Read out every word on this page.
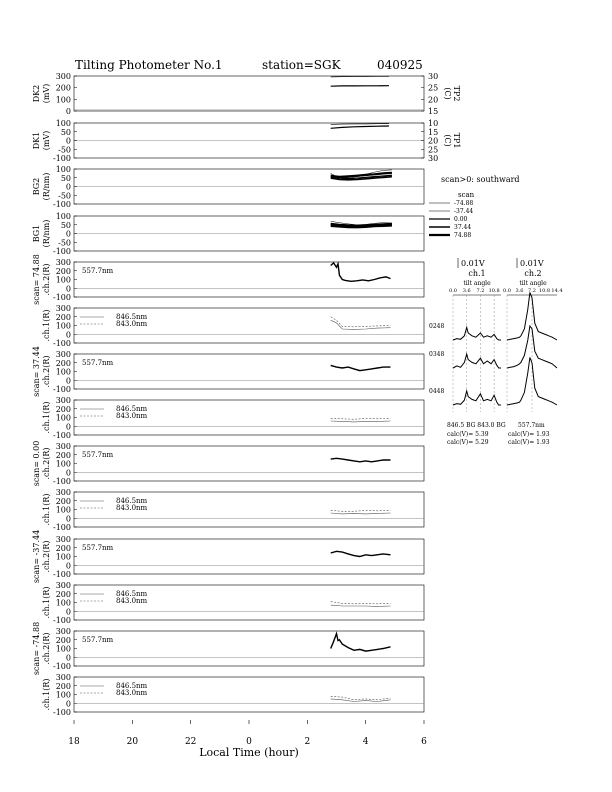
Tilting Photometer No.1	station=SGK	040925
300
200
100
0
30
25
20
15
TP2
(C)
DK2 (mV)
100
50
0
-50
-100
10
15
20
25
30
TP1
(C)
DK1 (mV)
100
50
0
-50
-100
BG2 (R/nm)
100
50
0
-50
-100
BG1 (R/nm)
300
200
100
0
-100
scan= 74.88 .ch.2(R)	557.7nm
300
200
100
0
-100
.ch.1(R)	846.5nm
843.0nm
300
200
100
0
-100
scan= 37.44 .ch.2(R)	557.7nm
300
200
100
0
-100
.ch.1(R)	846.5nm
843.0nm
300
200
100
0
-100
scan= 0.00 .ch.2(R)	557.7nm
300
200
100
0
-100
.ch.1(R)	846.5nm
843.0nm
300
200
100
0
-100
scan= -37.44 .ch.2(R)	557.7nm
300
200
100
0
-100
.ch.1(R)	846.5nm
843.0nm
300
200
100
0
-100
scan= -74.88 .ch.2(R)	557.7nm
300
200
100
0
-100
.ch.1(R)	846.5nm
843.0nm
18	20	22	0	2	4	6
Local Time (hour)
scan>0: southward
scan
-74.88
-37.44
0.00
37.44
74.88
0.01V	0.01V
ch.1	ch.2
tilt angle	tilt angle
0.0 3.6 7.2 10.8 0.0 3.6 7.2 10.8 14.4
0248
0348
0448
846.5 BG 843.0 BG 557.7nm
calc(V)= 5.39
calc(V)= 5.29
calc(V)= 1.93
calc(V)= 1.93
